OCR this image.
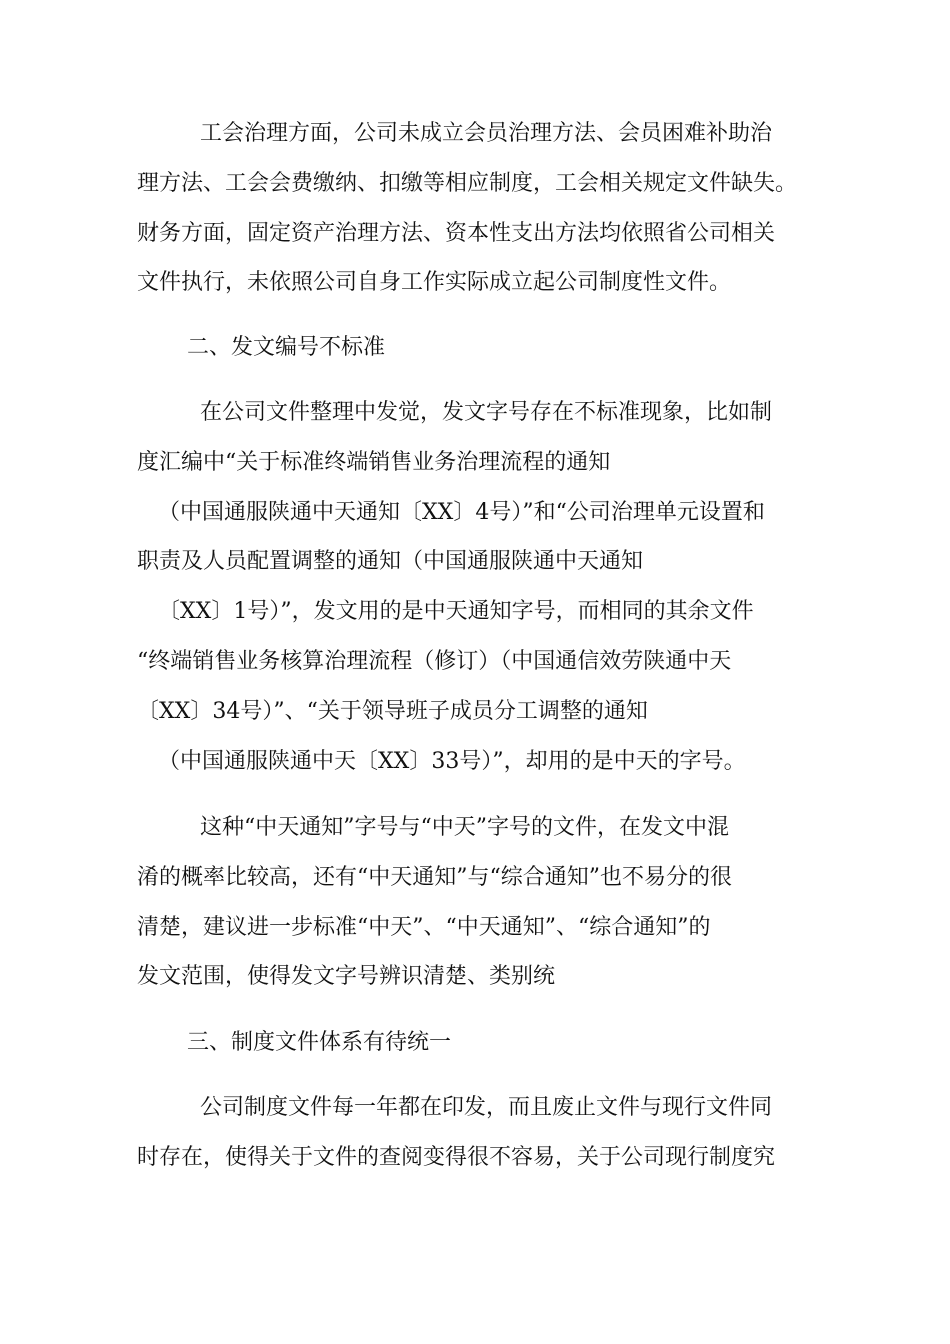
工会治理方面，公司未成立会员治理方法、会员困难补助治
理方法、工会会费缴纳、扣缴等相应制度，工会相关规定文件缺失。
财务方面，固定资产治理方法、资本性支出方法均依照省公司相关
文件执行，未依照公司自身工作实际成立起公司制度性文件。
二、发文编号不标准
在公司文件整理中发觉，发文字号存在不标准现象，比如制
度汇编中“关于标准终端销售业务治理流程的通知
（中国通服陕通中天通知〔XX〕4号）”和“公司治理单元设置和
职责及人员配置调整的通知（中国通服陕通中天通知
〔XX〕1号）”，发文用的是中天通知字号，而相同的其余文件
“终端销售业务核算治理流程（修订）（中国通信效劳陕通中天
〔XX〕34号）”、“关于领导班子成员分工调整的通知
（中国通服陕通中天〔XX〕33号）”，却用的是中天的字号。
这种“中天通知”字号与“中天”字号的文件，在发文中混
淆的概率比较高，还有“中天通知”与“综合通知”也不易分的很
清楚，建议进一步标准“中天”、“中天通知”、“综合通知”的
发文范围，使得发文字号辨识清楚、类别统
三、制度文件体系有待统一
公司制度文件每一年都在印发，而且废止文件与现行文件同
时存在，使得关于文件的查阅变得很不容易，关于公司现行制度究
